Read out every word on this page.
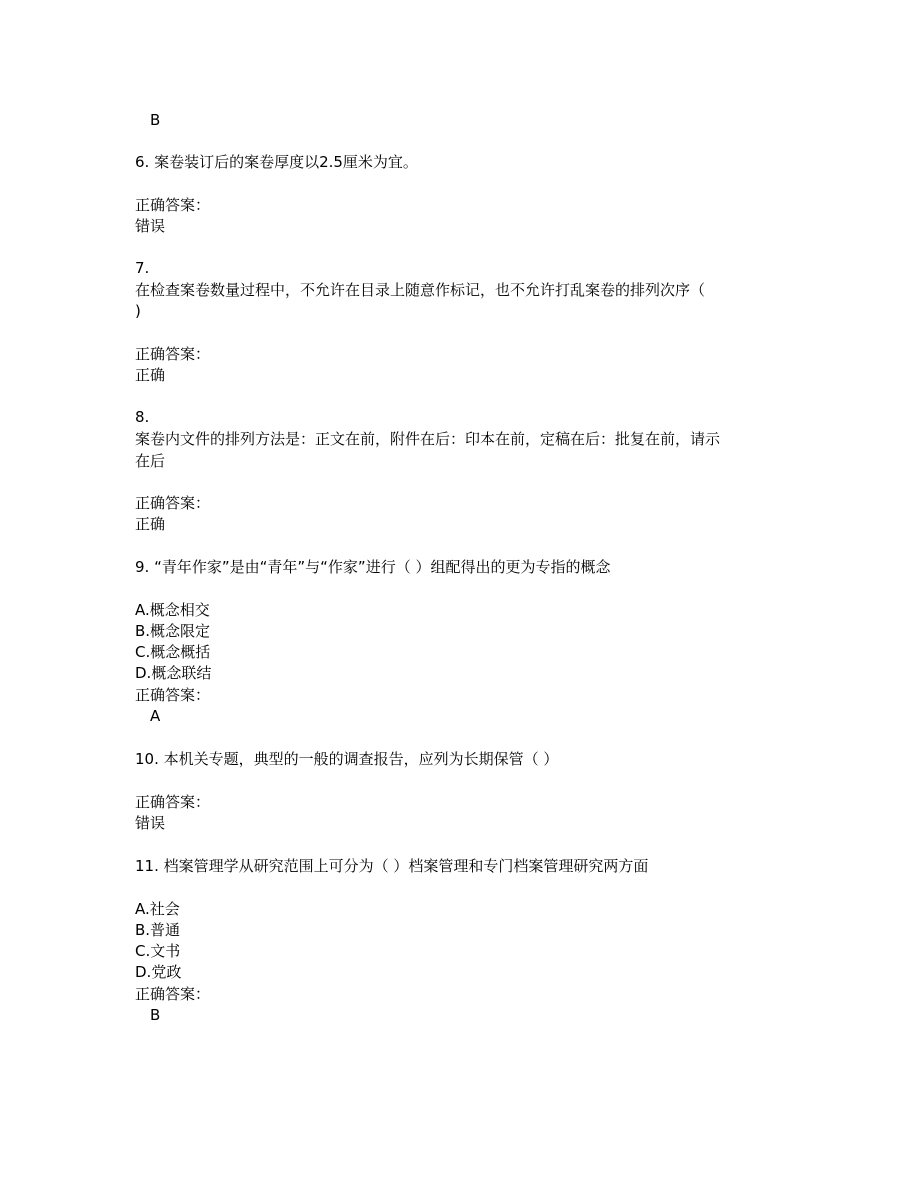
B
6. 案卷装订后的案卷厚度以2.5厘米为宜。
正确答案：
错误
7.
在检查案卷数量过程中，不允许在目录上随意作标记，也不允许打乱案卷的排列次序（
)
正确答案：
正确
8.
案卷内文件的排列方法是：正文在前，附件在后：印本在前，定稿在后：批复在前，请示
在后
正确答案：
正确
9. “青年作家”是由“青年”与“作家”进行（ ）组配得出的更为专指的概念
A.概念相交
B.概念限定
C.概念概括
D.概念联结
正确答案：
A
10. 本机关专题，典型的一般的调查报告，应列为长期保管（ ）
正确答案：
错误
11. 档案管理学从研究范围上可分为（ ）档案管理和专门档案管理研究两方面
A.社会
B.普通
C.文书
D.党政
正确答案：
B
